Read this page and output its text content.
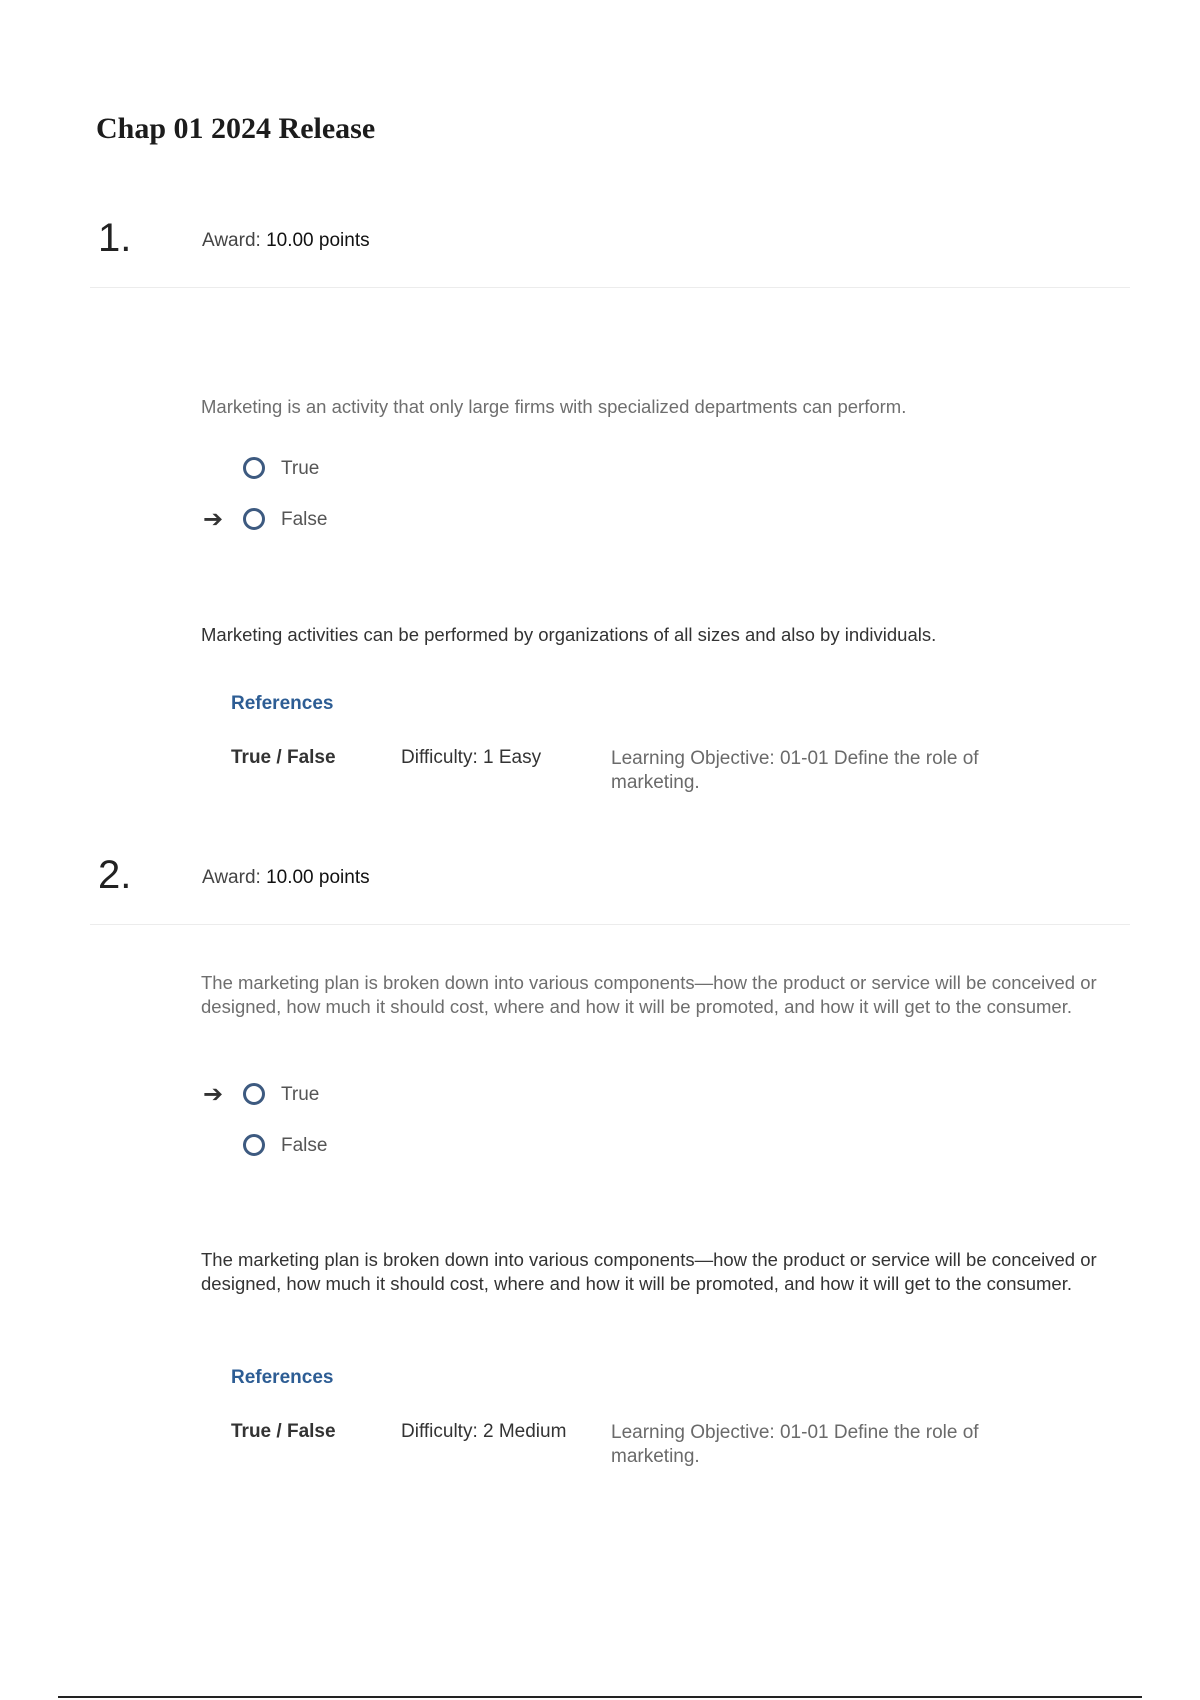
Chap 01 2024 Release
1.	Award: 10.00 points

Marketing is an activity that only large firms with specialized departments can perform.

True
➔	False

Marketing activities can be performed by organizations of all sizes and also by individuals.

References
True / False	Difficulty: 1 Easy	Learning Objective: 01-01 Define the role of marketing.
2.	Award: 10.00 points

The marketing plan is broken down into various components—how the product or service will be conceived or designed, how much it should cost, where and how it will be promoted, and how it will get to the consumer.

➔	True
False

The marketing plan is broken down into various components—how the product or service will be conceived or designed, how much it should cost, where and how it will be promoted, and how it will get to the consumer.

References
True / False	Difficulty: 2 Medium Learning Objective: 01-01 Define the role of marketing.
